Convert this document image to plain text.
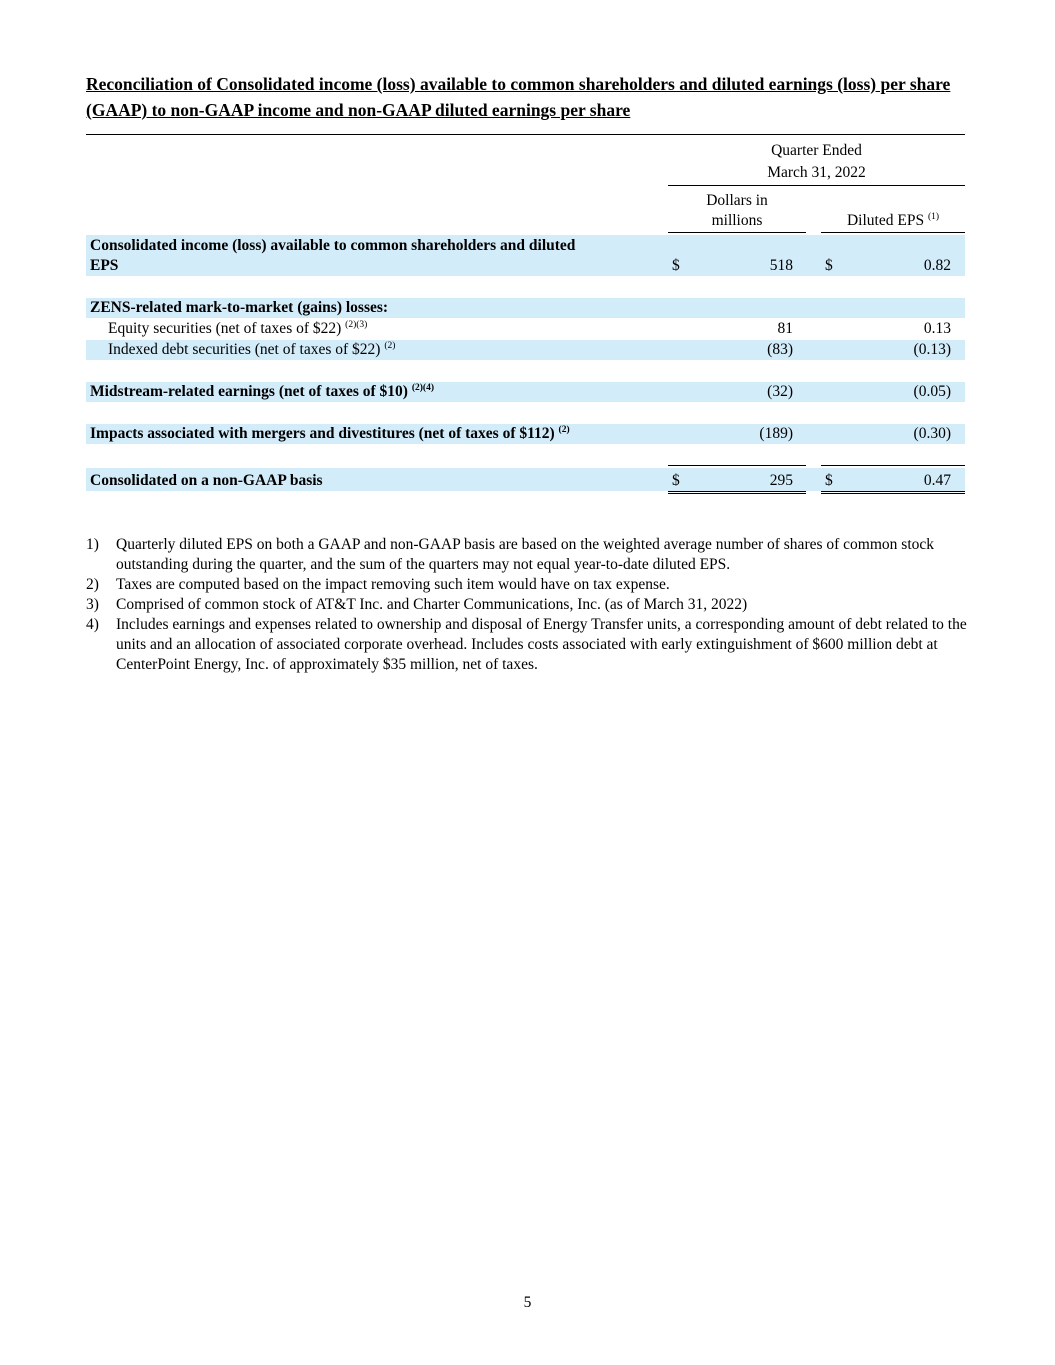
Reconciliation of Consolidated income (loss) available to common shareholders and diluted earnings (loss) per share (GAAP) to non-GAAP income and non-GAAP diluted earnings per share
Quarter Ended
March 31, 2022
Dollars in
millions	Diluted EPS $^{(1)}$
Consolidated income (loss) available to common shareholders and diluted
EPS	$	518 $	0.82
ZENS-related mark-to-market (gains) losses:
Equity securities (net of taxes of $22) $^{(2)(3)}$	81	0.13
Indexed debt securities (net of taxes of $22) $^{(2)}$	(83)	(0.13)
Midstream-related earnings (net of taxes of $10) $^{(2)(4)}$	(32)	(0.05)
Impacts associated with mergers and divestitures (net of taxes of $112) $^{(2)}$	(189)	(0.30)
Consolidated on a non-GAAP basis	$	295 $	0.47
1) Quarterly diluted EPS on both a GAAP and non-GAAP basis are based on the weighted average number of shares of common stock outstanding during the quarter, and the sum of the quarters may not equal year-to-date diluted EPS.
2) Taxes are computed based on the impact removing such item would have on tax expense.
3) Comprised of common stock of AT&T Inc. and Charter Communications, Inc. (as of March 31, 2022)
4) Includes earnings and expenses related to ownership and disposal of Energy Transfer units, a corresponding amount of debt related to the units and an allocation of associated corporate overhead. Includes costs associated with early extinguishment of $600 million debt at CenterPoint Energy, Inc. of approximately $35 million, net of taxes.
5
